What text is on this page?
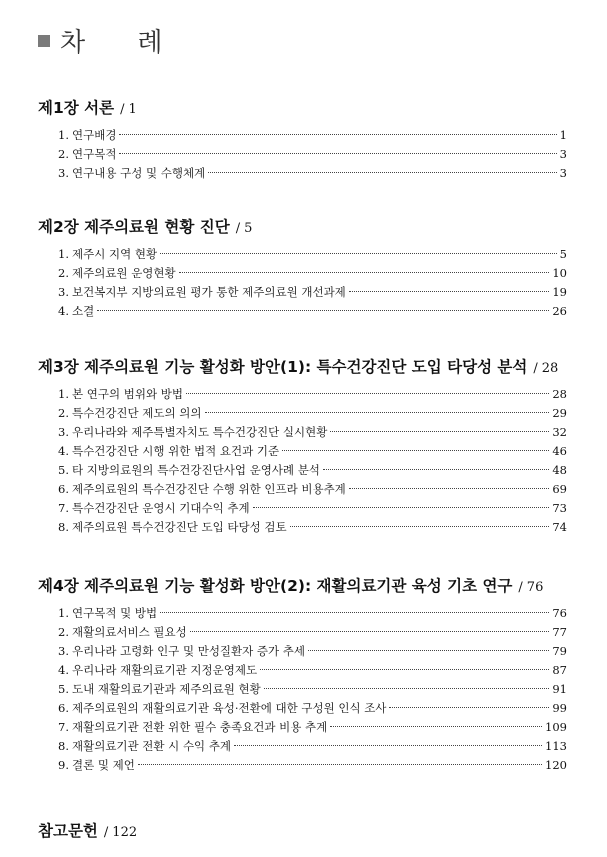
차 례
제1장 서론 / 1
1. 연구배경	1
2. 연구목적	3
3. 연구내용 구성 및 수행체계	3
제2장 제주의료원 현황 진단 / 5
1. 제주시 지역 현황	5
2. 제주의료원 운영현황	10
3. 보건복지부 지방의료원 평가 통한 제주의료원 개선과제	19
4. 소결	26
제3장 제주의료원 기능 활성화 방안(1): 특수건강진단 도입 타당성 분석 / 28
1. 본 연구의 범위와 방법	28
2. 특수건강진단 제도의 의의	29
3. 우리나라와 제주특별자치도 특수건강진단 실시현황	32
4. 특수건강진단 시행 위한 법적 요건과 기준	46
5. 타 지방의료원의 특수건강진단사업 운영사례 분석	48
6. 제주의료원의 특수건강진단 수행 위한 인프라 비용추계	69
7. 특수건강진단 운영시 기대수익 추계	73
8. 제주의료원 특수건강진단 도입 타당성 검토	74
제4장 제주의료원 기능 활성화 방안(2): 재활의료기관 육성 기초 연구 / 76
1. 연구목적 및 방법	76
2. 재활의료서비스 필요성	77
3. 우리나라 고령화 인구 및 만성질환자 증가 추세	79
4. 우리나라 재활의료기관 지정운영제도	87
5. 도내 재활의료기관과 제주의료원 현황	91
6. 제주의료원의 재활의료기관 육성·전환에 대한 구성원 인식 조사	99
7. 재활의료기관 전환 위한 필수 충족요건과 비용 추계	109
8. 재활의료기관 전환 시 수익 추계	113
9. 결론 및 제언	120
참고문헌 / 122
